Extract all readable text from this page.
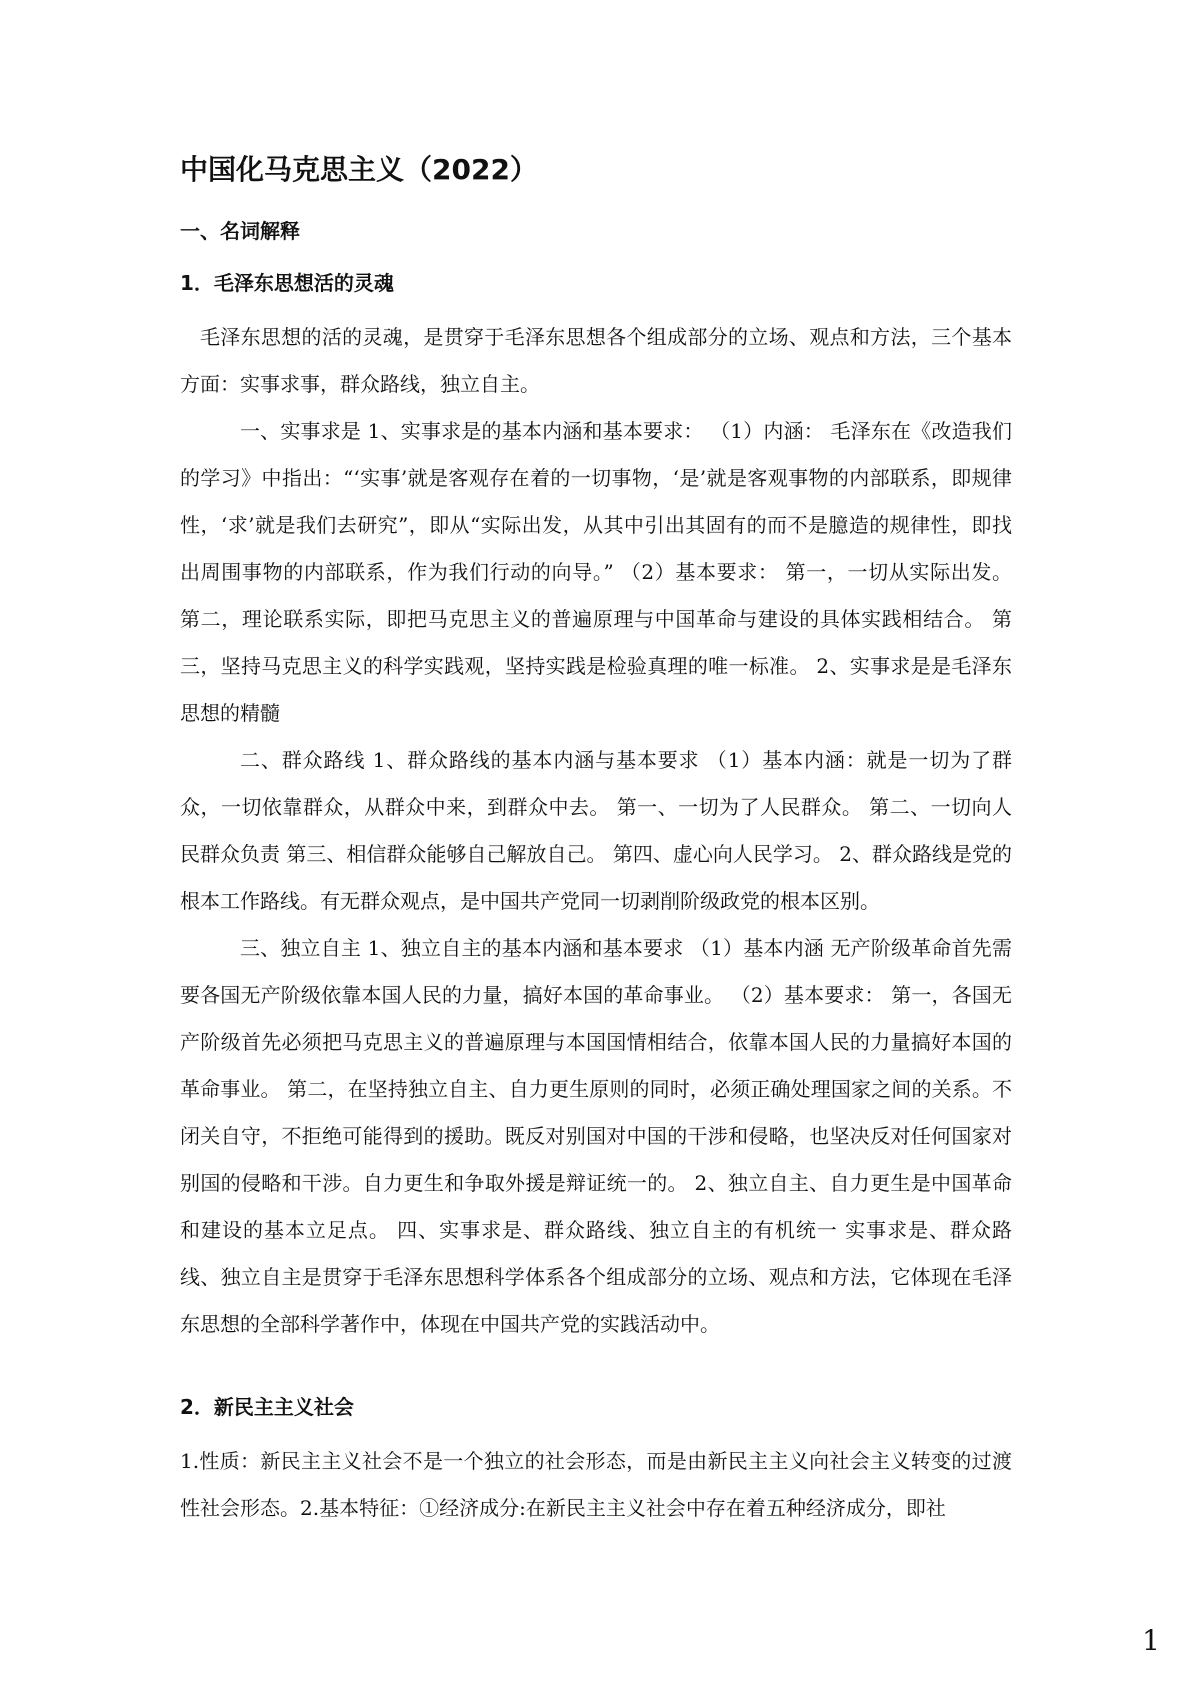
中国化马克思主义（2022）
一、名词解释
1．毛泽东思想活的灵魂

毛泽东思想的活的灵魂，是贯穿于毛泽东思想各个组成部分的立场、观点和方法，三个基本方面：实事求事，群众路线，独立自主。

一、实事求是 1、实事求是的基本内涵和基本要求： （1）内涵： 毛泽东在《改造我们的学习》中指出：“‘实事’就是客观存在着的一切事物，‘是’就是客观事物的内部联系，即规律性，‘求’就是我们去研究”，即从“实际出发，从其中引出其固有的而不是臆造的规律性，即找出周围事物的内部联系，作为我们行动的向导。” （2）基本要求： 第一，一切从实际出发。 第二，理论联系实际，即把马克思主义的普遍原理与中国革命与建设的具体实践相结合。 第三，坚持马克思主义的科学实践观，坚持实践是检验真理的唯一标准。 2、实事求是是毛泽东思想的精髓

二、群众路线 1、群众路线的基本内涵与基本要求 （1）基本内涵：就是一切为了群众，一切依靠群众，从群众中来，到群众中去。 第一、一切为了人民群众。 第二、一切向人民群众负责 第三、相信群众能够自己解放自己。 第四、虚心向人民学习。 2、群众路线是党的根本工作路线。有无群众观点，是中国共产党同一切剥削阶级政党的根本区别。

三、独立自主 1、独立自主的基本内涵和基本要求 （1）基本内涵 无产阶级革命首先需要各国无产阶级依靠本国人民的力量，搞好本国的革命事业。 （2）基本要求： 第一，各国无产阶级首先必须把马克思主义的普遍原理与本国国情相结合，依靠本国人民的力量搞好本国的革命事业。 第二，在坚持独立自主、自力更生原则的同时，必须正确处理国家之间的关系。不闭关自守，不拒绝可能得到的援助。既反对别国对中国的干涉和侵略，也坚决反对任何国家对别国的侵略和干涉。自力更生和争取外援是辩证统一的。 2、独立自主、自力更生是中国革命和建设的基本立足点。 四、实事求是、群众路线、独立自主的有机统一 实事求是、群众路线、独立自主是贯穿于毛泽东思想科学体系各个组成部分的立场、观点和方法，它体现在毛泽东思想的全部科学著作中，体现在中国共产党的实践活动中。

2．新民主主义社会

1.性质：新民主主义社会不是一个独立的社会形态，而是由新民主主义向社会主义转变的过渡性社会形态。2.基本特征：①经济成分:在新民主主义社会中存在着五种经济成分，即社

1
